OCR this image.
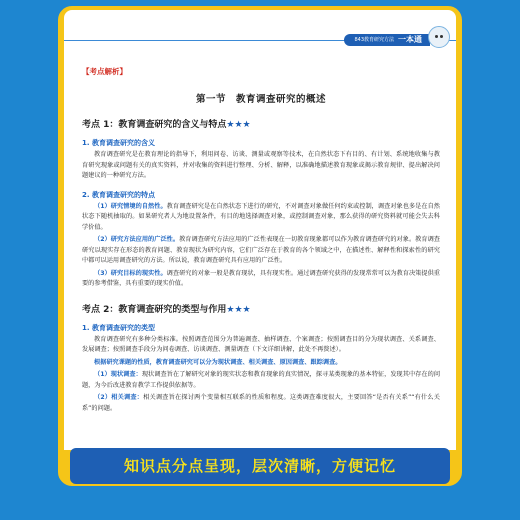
843教育研究方法 一本通
【考点解析】
第一节　教育调查研究的概述
考点 1：教育调查研究的含义与特点★★★
1. 教育调查研究的含义
教育调查研究是在教育理论的指导下，利用问卷、访谈、测量或观察等技术，在自然状态下有目的、有计划、系统地收集与教育研究现象或问题有关的真实资料，并对收集的资料进行整理、分析、解释，以准确地描述教育现象或揭示教育规律、提出解决问题建议的一种研究方法。
2. 教育调查研究的特点
（1）研究情境的自然性。教育调查研究是在自然状态下进行的研究，不对调查对象做任何约束或控制，调查对象也多是在自然状态下随机抽取的。如果研究者人为地设置条件，有目的地选择调查对象，或控制调查对象，那么获得的研究资料就可能会失去科学价值。
（2）研究方法应用的广泛性。教育调查研究方法应用的广泛性表现在一切教育现象都可以作为教育调查研究的对象。教育调查研究以现实存在形态的教育问题、教育现状为研究内容，它们广泛存在于教育的各个领域之中，在描述性、解释性和探索性的研究中都可以运用调查研究的方法。所以说，教育调查研究具有应用的广泛性。
（3）研究目标的现实性。调查研究的对象一般是教育现状，具有现实性。通过调查研究获得的发现常常可以为教育决策提供重要的参考借鉴，具有重要的现实价值。
考点 2：教育调查研究的类型与作用★★★
1. 教育调查研究的类型
教育调查研究有多种分类标准。按照调查范围分为普遍调查、抽样调查、个案调查；按照调查目的分为现状调查、关系调查、发展调查；按照调查手段分为问卷调查、访谈调查、测量调查（下文详细讲解，此处不再赘述）。
根据研究课题的性质，教育调查研究可以分为现状调查、相关调查、原因调查、跟踪调查。
（1）现状调查：现状调查旨在了解研究对象的现实状态和教育现象的真实情况，探寻某类现象的基本特征，发现其中存在的问题，为今后改进教育教学工作提供依据等。
（2）相关调查：相关调查旨在探讨两个变量相互联系的性质和程度。这类调查难度很大，主要回答“是否有关系”“有什么关系”的问题。
知识点分点呈现，层次清晰，方便记忆
